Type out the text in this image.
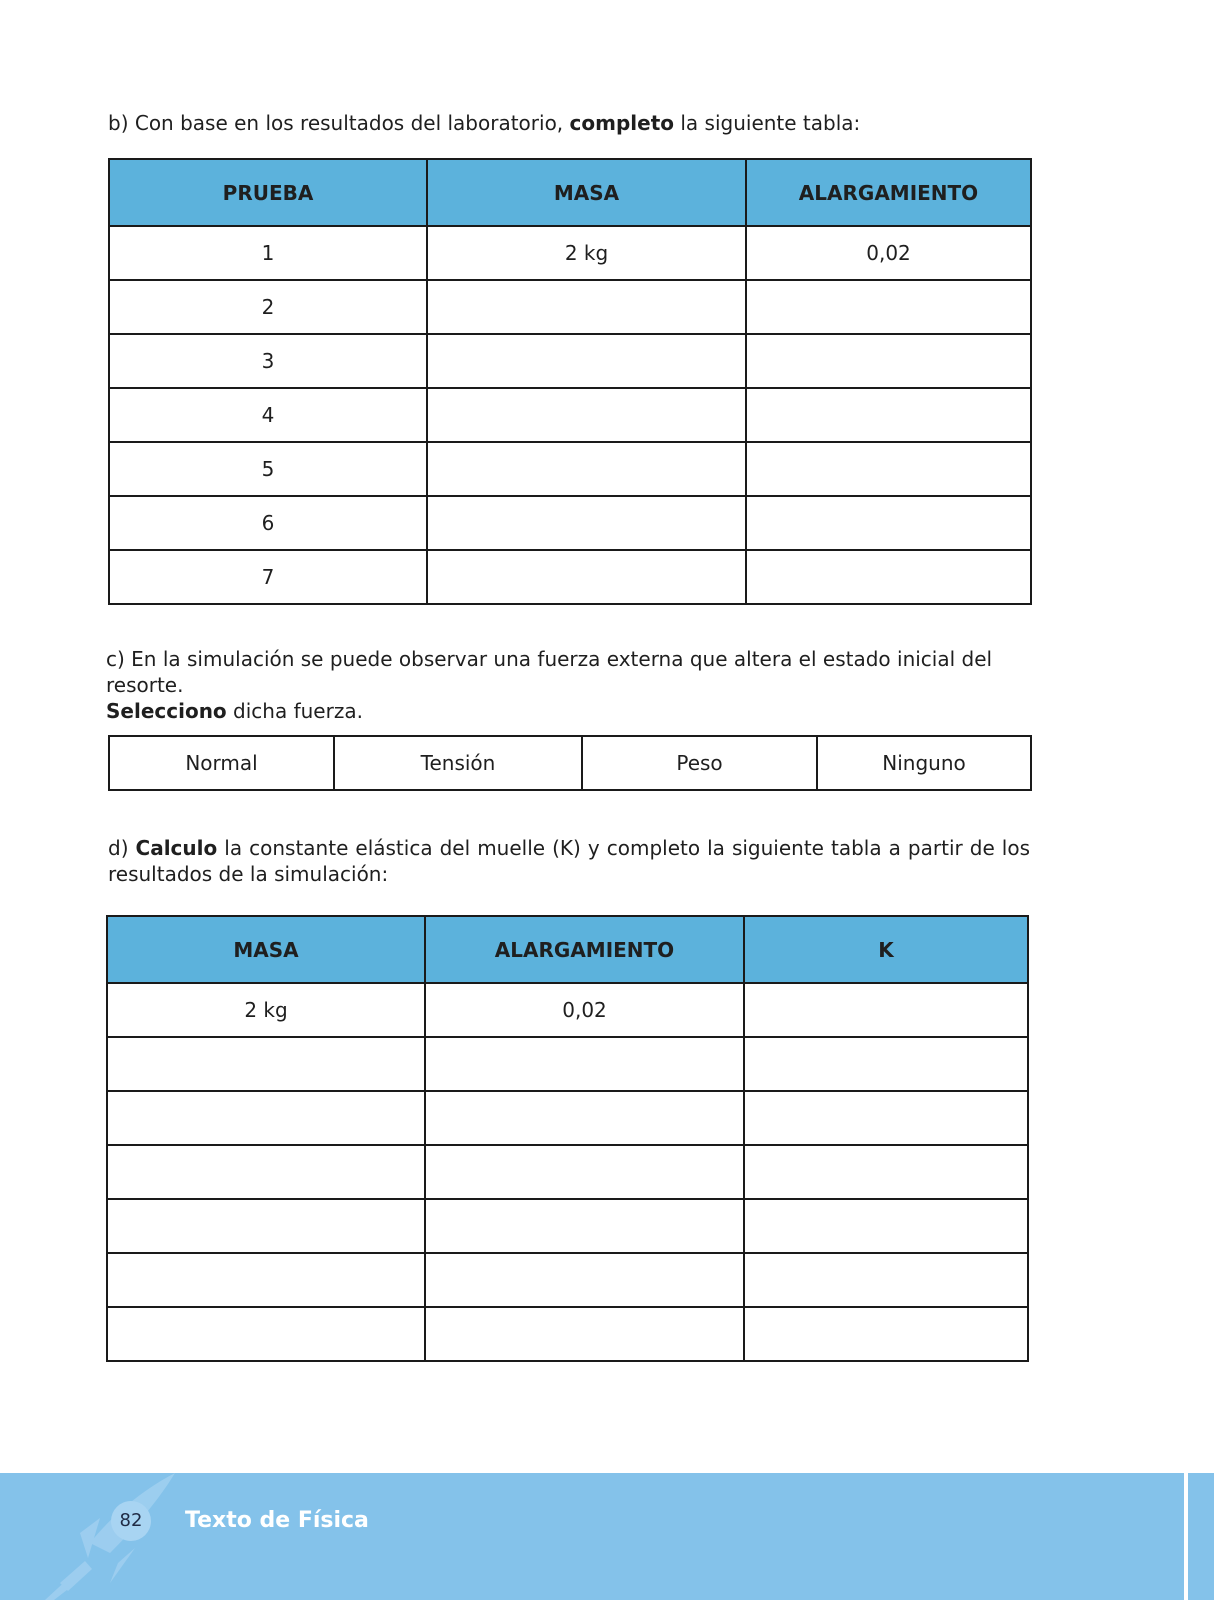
b) Con base en los resultados del laboratorio, completo la siguiente tabla:

PRUEBA	MASA	ALARGAMIENTO
1	2 kg	0,02
2		
3		
4		
5		
6		
7		

c) En la simulación se puede observar una fuerza externa que altera el estado inicial del resorte.
Selecciono dicha fuerza.

Normal	Tensión	Peso	Ninguno

d) Calculo la constante elástica del muelle (K) y completo la siguiente tabla a partir de los resultados de la simulación:

MASA	ALARGAMIENTO	K
2 kg	0,02	

82	Texto de Física
